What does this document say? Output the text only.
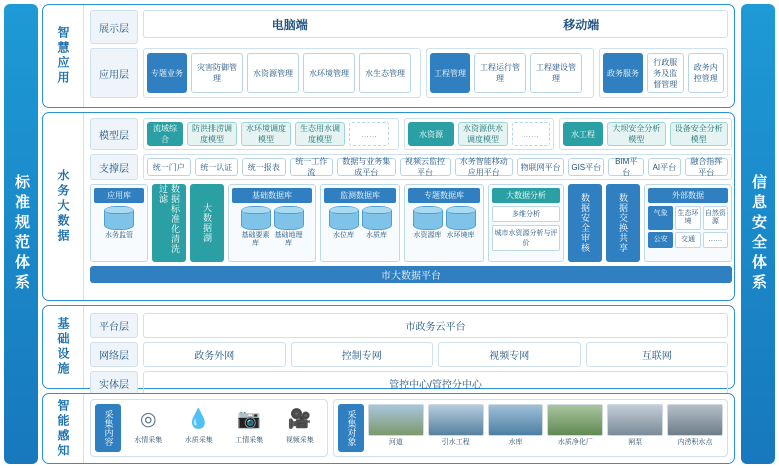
标准规范体系	信息安全体系
智慧应用	展示层	电脑端	移动端
应用层	专题业务
灾害防御管理
水资源管理	水环境管理	水生态管理	工程管理
工程运行管理
工程建设管理
政务服务
行政服务及监督管理
政务内控管理
水务大数据
模型层
流域综合
防洪排涝调度模型
水环境调度模型
生态用水调度模型
……	水资源
水资源供水调度模型
……	水工程
大坝安全分析模型
设备安全分析模型
支撑层	统一门户	统一认证	统一报表
统一工作流
数据与业务集成平台
视频云监控平台
水务智能移动应用平台
物联网平台	GIS平台
BIM平台
AI平台
融合指挥平台
应用库
水务监管	数据标准化清洗过滤
大数据湖
基础数据库
基础要素库
基础地理库
监测数据库
水位库	水质库
专题数据库
水资源库 水环境库
大数据分析
多维分析
城市水资源分析与评价	数据安全审核	数据交换共享	外部数据
气象	生态环境
自然资源
公安	交通	……
市大数据平台
基础设施	平台层	市政务云平台
网络层	政务外网	控制专网	视频专网	互联网
实体层	管控中心/管控分中心
智能感知	采集内容	◎
水情采集
💧
水质采集
📷
工情采集
🎥
视频采集	采集对象	河道	引水工程	水库	水质净化厂	闸泵	内涝积水点
